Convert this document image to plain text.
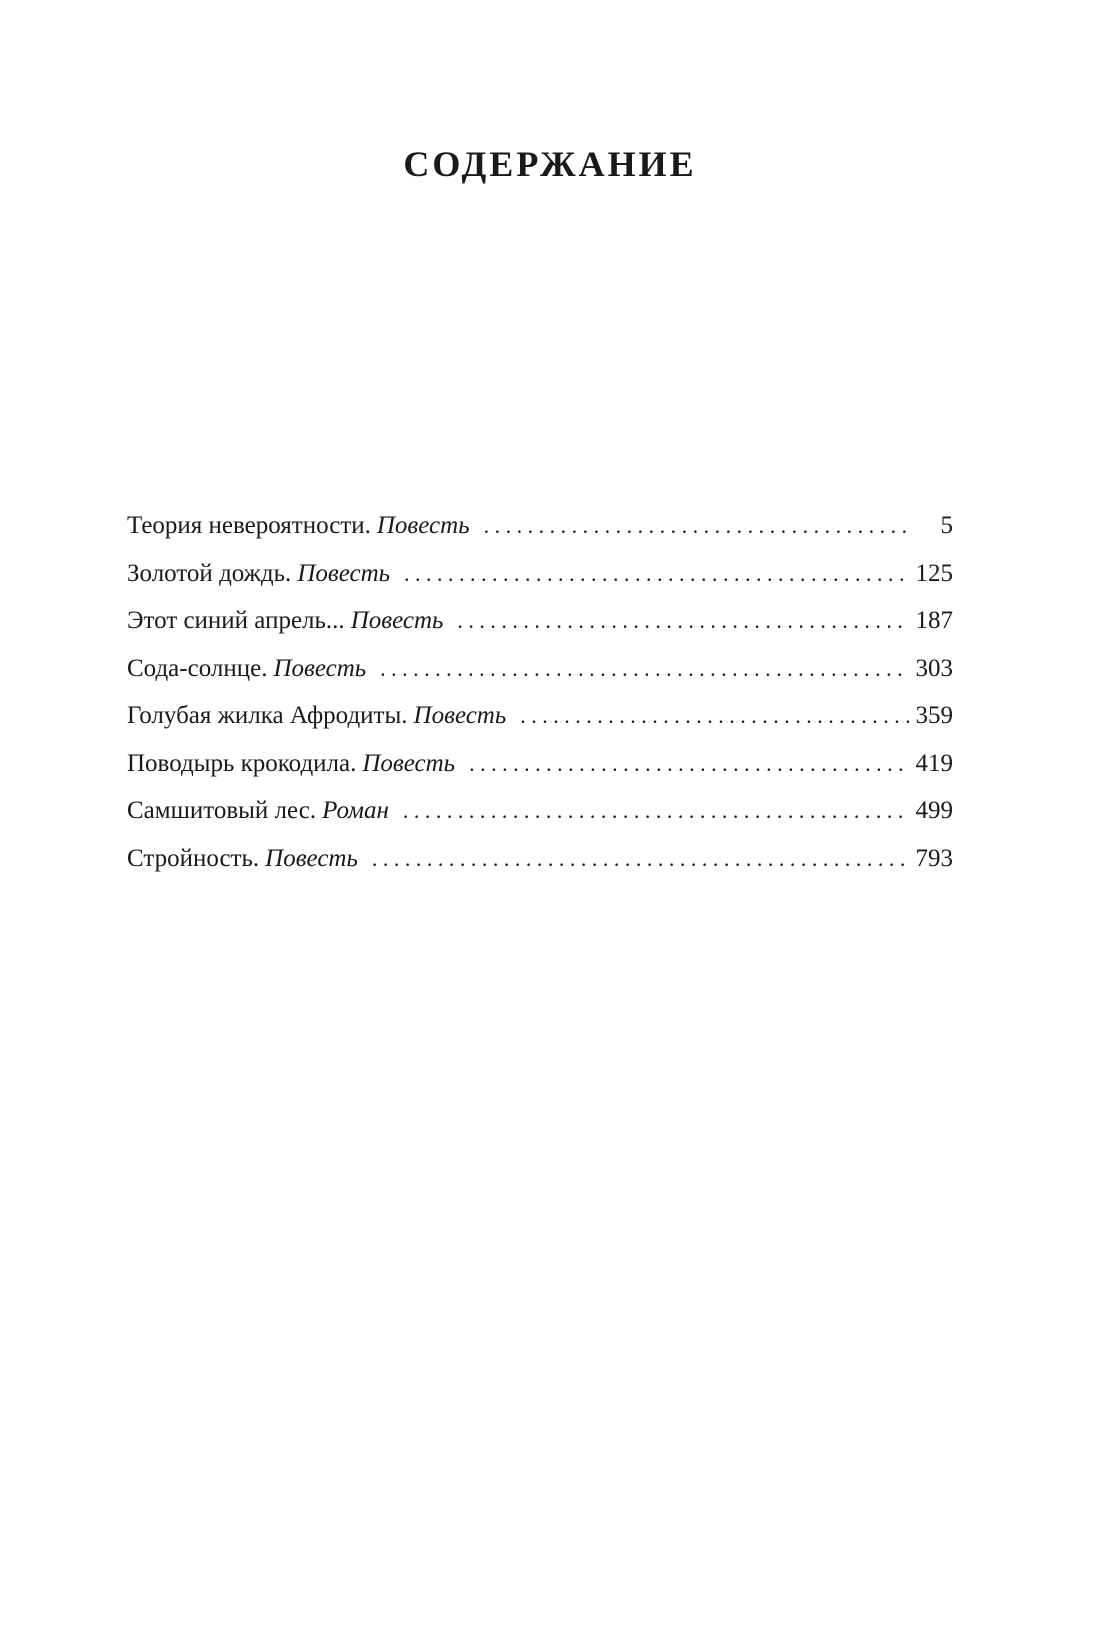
СОДЕРЖАНИЕ
Теория невероятности. Повесть . . .	5
Золотой дождь. Повесть . . .	125
Этот синий апрель... Повесть . . .	187
Сода-солнце. Повесть . . .	303
Голубая жилка Афродиты. Повесть . . .	359
Поводырь крокодила. Повесть . . .	419
Самшитовый лес. Роман . . .	499
Стройность. Повесть . . .	793
